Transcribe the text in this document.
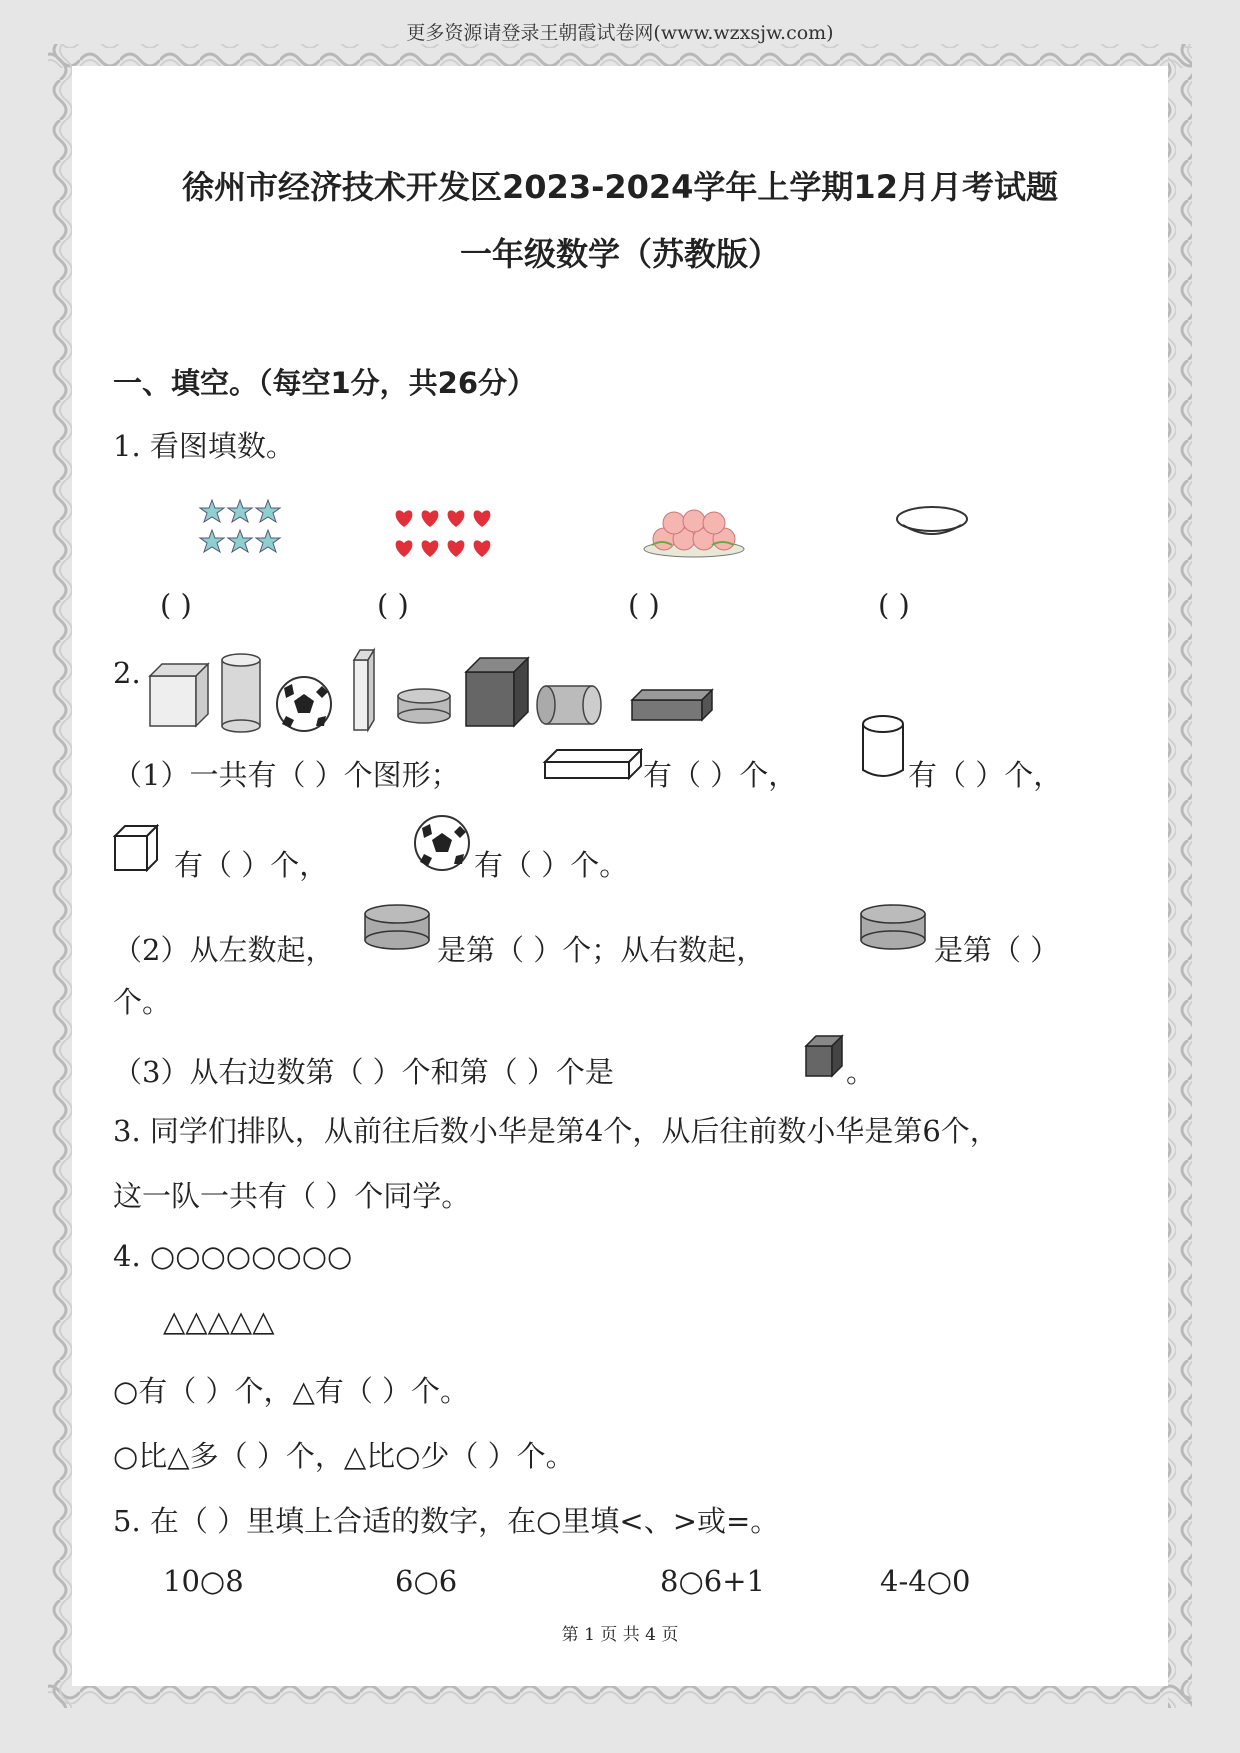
更多资源请登录王朝霞试卷网(www.wzxsjw.com)
徐州市经济技术开发区2023-2024学年上学期12月月考试题
一年级数学（苏教版）
一、填空。（每空1分，共26分）
1. 看图填数。
( )	( )	( )	( )
2.
（1）一共有（ ）个图形；	有（ ）个，	有（ ）个，
有（ ）个，	有（ ）个。
（2）从左数起，	是第（ ）个；从右数起，	是第（ ）
个。
（3）从右边数第（ ）个和第（ ）个是	。
3. 同学们排队，从前往后数小华是第4个，从后往前数小华是第6个，
这一队一共有（ ）个同学。
4. ○○○○○○○○
△△△△△
○有（ ）个，△有（ ）个。
○比△多（ ）个，△比○少（ ）个。
5. 在（ ）里填上合适的数字，在○里填<、>或=。
10○8	6○6	8○6+1	4-4○0
第 1 页 共 4 页
